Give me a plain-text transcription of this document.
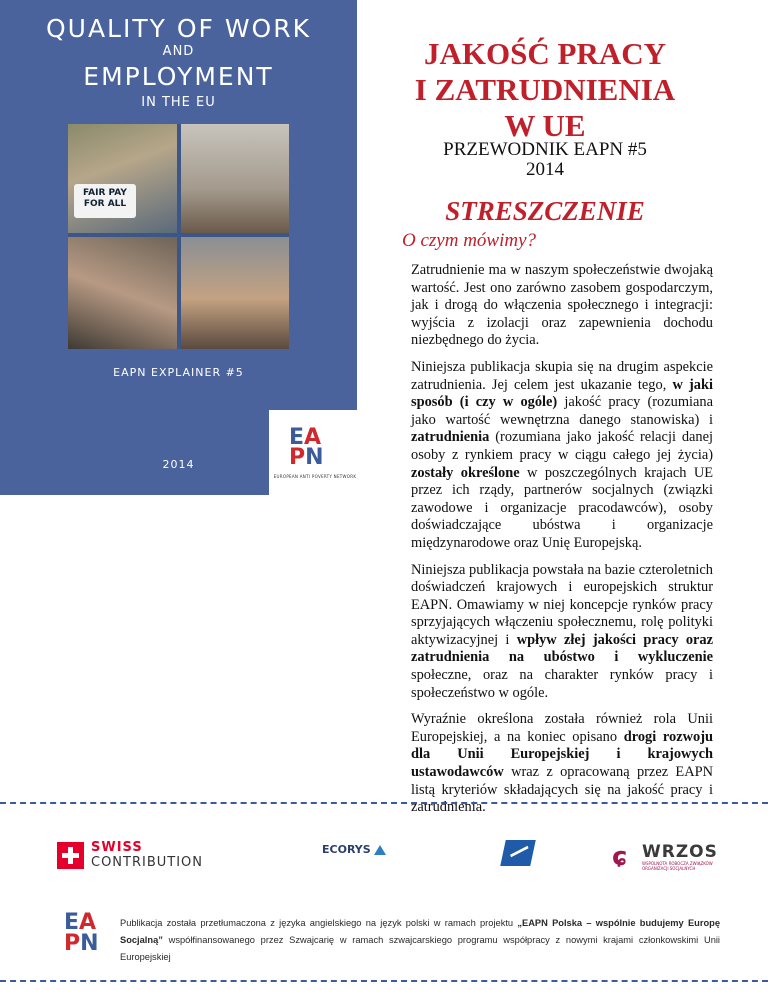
QUALITY OF WORK
AND
EMPLOYMENT
IN THE EU
FAIR PAY FOR ALL
EAPN EXPLAINER #5
2014
EA
PN
EUROPEAN ANTI POVERTY NETWORK
JAKOŚĆ PRACY
I ZATRUDNIENIA
W UE
PRZEWODNIK EAPN #5
2014
STRESZCZENIE
O czym mówimy?

Zatrudnienie ma w naszym społeczeństwie dwojaką wartość. Jest ono zarówno zasobem gospodarczym, jak i drogą do włączenia społecznego i integracji: wyjścia z izolacji oraz zapewnienia dochodu niezbędnego do życia.

Niniejsza publikacja skupia się na drugim aspekcie zatrudnienia. Jej celem jest ukazanie tego, w jaki sposób (i czy w ogóle) jakość pracy (rozumiana jako wartość wewnętrzna danego stanowiska) i zatrudnienia (rozumiana jako jakość relacji danej osoby z rynkiem pracy w ciągu całego jej życia) zostały określone w poszczególnych krajach UE przez ich rządy, partnerów socjalnych (związki zawodowe i organizacje pracodawców), osoby doświadczające ubóstwa i organizacje międzynarodowe oraz Unię Europejską.

Niniejsza publikacja powstała na bazie czteroletnich doświadczeń krajowych i europejskich struktur EAPN. Omawiamy w niej koncepcje rynków pracy sprzyjających włączeniu społecznemu, rolę polityki aktywizacyjnej i wpływ złej jakości pracy oraz zatrudnienia na ubóstwo i wykluczenie społeczne, oraz na charakter rynków pracy i społeczeństwo w ogóle.

Wyraźnie określona została również rola Unii Europejskiej, a na koniec opisano drogi rozwoju dla Unii Europejskiej i krajowych ustawodawców wraz z opracowaną przez EAPN listą kryteriów składających się na jakość pracy i zatrudnienia.

SWISS
CONTRIBUTION
ECORYS	ɕ WRZOS
WSPÓLNOTA ROBOCZA ZWIĄZKÓW ORGANIZACJI SOCJALNYCH
EA
PN
Publikacja została przetłumaczona z języka angielskiego na język polski w ramach projektu „EAPN Polska – wspólnie budujemy Europę Socjalną” współfinansowanego przez Szwajcarię w ramach szwajcarskiego programu współpracy z nowymi krajami członkowskimi Unii Europejskiej
